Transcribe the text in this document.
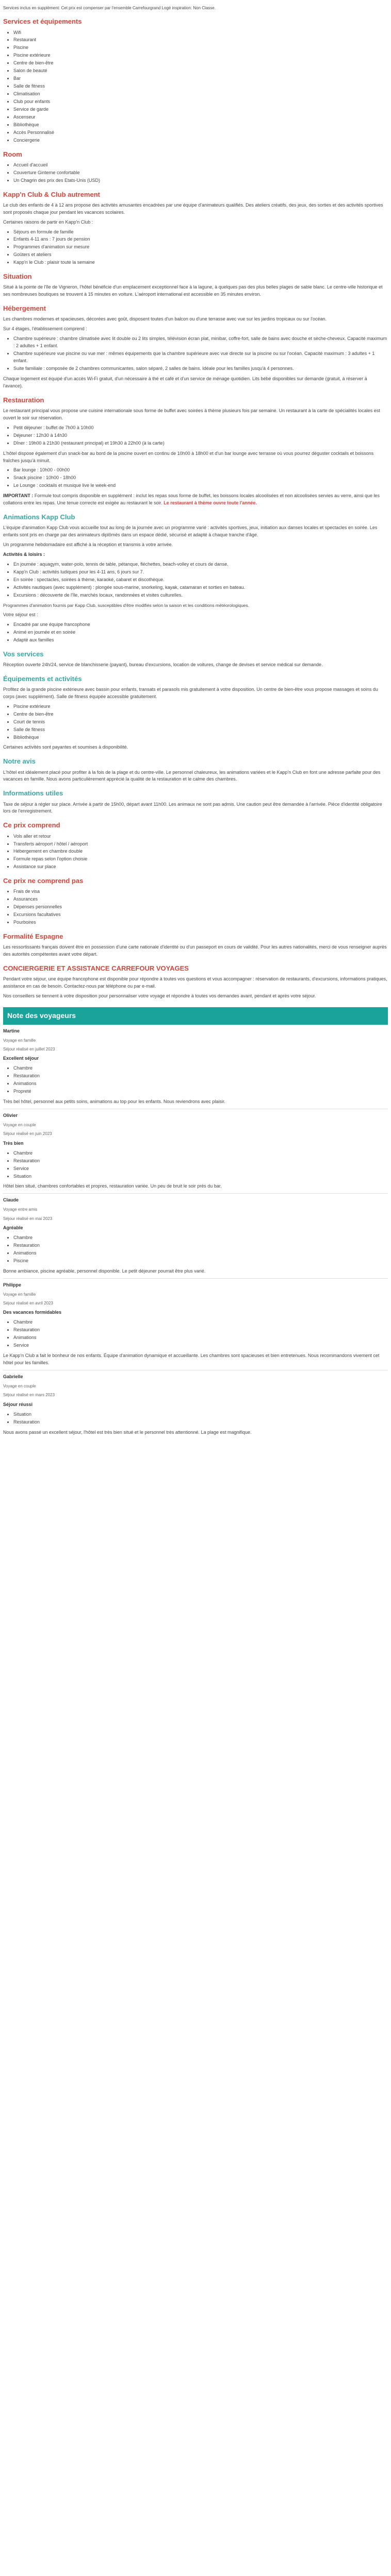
Services inclus en supplément: Cet prix est compenser par l'ensemble Carrefourgrand Logé inspiration: Non Classe.

Services et équipements
• Wifi
• Restaurant
• Piscine
• Piscine extérieure
• Centre de bien-être
• Salon de beauté
• Bar
• Salle de fitness
• Climatisation
• Club pour enfants
• Service de garde
• Ascenseur
• Bibliothèque
• Accès Personnalisé
• Conciergerie
Room
• Accueil d'accueil
• Couverture Ginterne confortable
• Un Chagrin des prix des Etats-Unis (USD)
Kapp'n Club & Club autrement

Le club des enfants de 4 à 12 ans propose des activités amusantes encadrées par une équipe d'animateurs qualifiés. Des ateliers créatifs, des jeux, des sorties et des activités sportives sont proposés chaque jour pendant les vacances scolaires.

Certaines raisons de partir en Kapp'n Club :

• Séjours en formule de famille
• Enfants 4-11 ans : 7 jours de pension
• Programmes d'animation sur mesure
• Goûters et ateliers
• Kapp'n le Club : plaisir toute la semaine
Situation

Situé à la pointe de l'île de Vigneron, l'hôtel bénéficie d'un emplacement exceptionnel face à la lagune, à quelques pas des plus belles plages de sable blanc. Le centre-ville historique et ses nombreuses boutiques se trouvent à 15 minutes en voiture. L'aéroport international est accessible en 35 minutes environ.

Hébergement

Les chambres modernes et spacieuses, décorées avec goût, disposent toutes d'un balcon ou d'une terrasse avec vue sur les jardins tropicaux ou sur l'océan.

Sur 4 étages, l'établissement comprend :

• Chambre supérieure : chambre climatisée avec lit double ou 2 lits simples, télévision écran plat, minibar, coffre-fort, salle de bains avec douche et sèche-cheveux. Capacité maximum : 2 adultes + 1 enfant.
• Chambre supérieure vue piscine ou vue mer : mêmes équipements que la chambre supérieure avec vue directe sur la piscine ou sur l'océan. Capacité maximum : 3 adultes + 1 enfant.
• Suite familiale : composée de 2 chambres communicantes, salon séparé, 2 salles de bains. Idéale pour les familles jusqu'à 4 personnes.

Chaque logement est équipé d'un accès Wi-Fi gratuit, d'un nécessaire à thé et café et d'un service de ménage quotidien. Lits bébé disponibles sur demande (gratuit, à réserver à l'avance).

Restauration

Le restaurant principal vous propose une cuisine internationale sous forme de buffet avec soirées à thème plusieurs fois par semaine. Un restaurant à la carte de spécialités locales est ouvert le soir sur réservation.

• Petit déjeuner : buffet de 7h00 à 10h00
• Déjeuner : 12h30 à 14h30
• Dîner : 19h00 à 21h30 (restaurant principal) et 19h30 à 22h00 (à la carte)

L'hôtel dispose également d'un snack-bar au bord de la piscine ouvert en continu de 10h00 à 18h00 et d'un bar lounge avec terrasse où vous pourrez déguster cocktails et boissons fraîches jusqu'à minuit.

• Bar lounge : 10h00 - 00h00
• Snack piscine : 10h00 - 18h00
• Le Lounge : cocktails et musique live le week-end

IMPORTANT : Formule tout compris disponible en supplément : inclut les repas sous forme de buffet, les boissons locales alcoolisées et non alcoolisées servies au verre, ainsi que les collations entre les repas. Une tenue correcte est exigée au restaurant le soir. Le restaurant à thème ouvre toute l'année.

Animations Kapp Club

L'équipe d'animation Kapp Club vous accueille tout au long de la journée avec un programme varié : activités sportives, jeux, initiation aux danses locales et spectacles en soirée. Les enfants sont pris en charge par des animateurs diplômés dans un espace dédié, sécurisé et adapté à chaque tranche d'âge.

Un programme hebdomadaire est affiché à la réception et transmis à votre arrivée.

Activités & loisirs :

• En journée : aquagym, water-polo, tennis de table, pétanque, fléchettes, beach-volley et cours de danse.
• Kapp'n Club : activités ludiques pour les 4-11 ans, 6 jours sur 7.
• En soirée : spectacles, soirées à thème, karaoké, cabaret et discothèque.
• Activités nautiques (avec supplément) : plongée sous-marine, snorkeling, kayak, catamaran et sorties en bateau.
• Excursions : découverte de l'île, marchés locaux, randonnées et visites culturelles.

Programmes d'animation fournis par Kapp Club, susceptibles d'être modifiés selon la saison et les conditions météorologiques.

Votre séjour est :

• Encadré par une équipe francophone
• Animé en journée et en soirée
• Adapté aux familles
Vos services

Réception ouverte 24h/24, service de blanchisserie (payant), bureau d'excursions, location de voitures, change de devises et service médical sur demande.

Équipements et activités

Profitez de la grande piscine extérieure avec bassin pour enfants, transats et parasols mis gratuitement à votre disposition. Un centre de bien-être vous propose massages et soins du corps (avec supplément). Salle de fitness équipée accessible gratuitement.

• Piscine extérieure
• Centre de bien-être
• Court de tennis
• Salle de fitness
• Bibliothèque

Certaines activités sont payantes et soumises à disponibilité.

Notre avis

L'hôtel est idéalement placé pour profiter à la fois de la plage et du centre-ville. Le personnel chaleureux, les animations variées et le Kapp'n Club en font une adresse parfaite pour des vacances en famille. Nous avons particulièrement apprécié la qualité de la restauration et le calme des chambres.

Informations utiles

Taxe de séjour à régler sur place. Arrivée à partir de 15h00, départ avant 11h00. Les animaux ne sont pas admis. Une caution peut être demandée à l'arrivée. Pièce d'identité obligatoire lors de l'enregistrement.

Ce prix comprend
• Vols aller et retour
• Transferts aéroport / hôtel / aéroport
• Hébergement en chambre double
• Formule repas selon l'option choisie
• Assistance sur place
Ce prix ne comprend pas
• Frais de visa
• Assurances
• Dépenses personnelles
• Excursions facultatives
• Pourboires
Formalité Espagne

Les ressortissants français doivent être en possession d'une carte nationale d'identité ou d'un passeport en cours de validité. Pour les autres nationalités, merci de vous renseigner auprès des autorités compétentes avant votre départ.

CONCIERGERIE ET ASSISTANCE CARREFOUR VOYAGES

Pendant votre séjour, une équipe francophone est disponible pour répondre à toutes vos questions et vous accompagner : réservation de restaurants, d'excursions, informations pratiques, assistance en cas de besoin. Contactez-nous par téléphone ou par e-mail.

Nos conseillers se tiennent à votre disposition pour personnaliser votre voyage et répondre à toutes vos demandes avant, pendant et après votre séjour.

Note des voyageurs

Martine

Voyage en famille

Séjour réalisé en juillet 2023

Excellent séjour

• Chambre
• Restauration
• Animations
• Propreté

Très bel hôtel, personnel aux petits soins, animations au top pour les enfants. Nous reviendrons avec plaisir.

Olivier

Voyage en couple

Séjour réalisé en juin 2023

Très bien

• Chambre
• Restauration
• Service
• Situation

Hôtel bien situé, chambres confortables et propres, restauration variée. Un peu de bruit le soir près du bar.

Claude

Voyage entre amis

Séjour réalisé en mai 2023

Agréable

• Chambre
• Restauration
• Animations
• Piscine

Bonne ambiance, piscine agréable, personnel disponible. Le petit déjeuner pourrait être plus varié.

Philippe

Voyage en famille

Séjour réalisé en avril 2023

Des vacances formidables

• Chambre
• Restauration
• Animations
• Service

Le Kapp'n Club a fait le bonheur de nos enfants. Équipe d'animation dynamique et accueillante. Les chambres sont spacieuses et bien entretenues. Nous recommandons vivement cet hôtel pour les familles.

Gabrielle

Voyage en couple

Séjour réalisé en mars 2023

Séjour réussi

• Situation
• Restauration

Nous avons passé un excellent séjour, l'hôtel est très bien situé et le personnel très attentionné. La plage est magnifique.
